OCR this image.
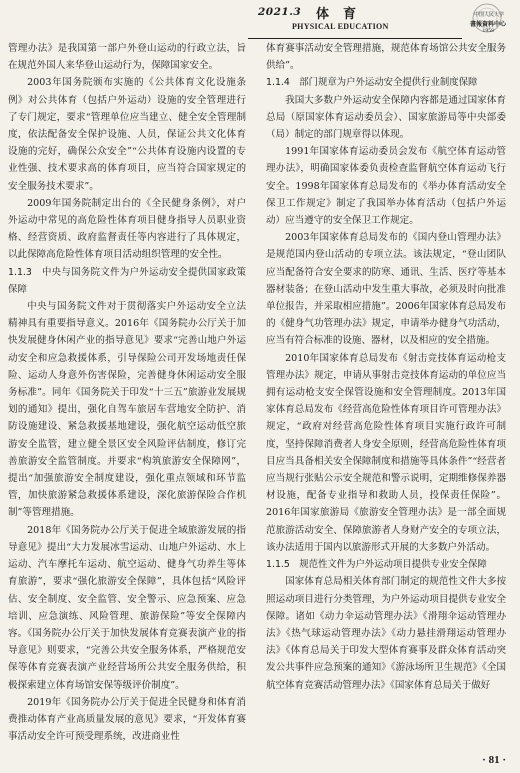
2021.3 体育
PHYSICAL EDUCATION
中国人民大学
書報資料中心
1958

管理办法》是我国第一部户外登山运动的行政立法，旨在规范外国人来华登山运动行为，保障国家安全。

2003年国务院颁布实施的《公共体育文化设施条例》对公共体育（包括户外运动）设施的安全管理进行了专门规定，要求“管理单位应当建立、健全安全管理制度，依法配备安全保护设施、人员，保证公共文化体育设施的完好，确保公众安全”“公共体育设施内设置的专业性强、技术要求高的体育项目，应当符合国家规定的安全服务技术要求”。

2009年国务院制定出台的《全民健身条例》，对户外运动中常见的高危险性体育项目健身指导人员职业资格、经营资质、政府监督责任等内容进行了具体规定，以此保障高危险性体育项目活动组织管理的安全性。

1.1.3　中央与国务院文件为户外运动安全提供国家政策保障

中央与国务院文件对于贯彻落实户外运动安全立法精神具有重要指导意义。2016年《国务院办公厅关于加快发展健身休闲产业的指导意见》要求“完善山地户外运动安全和应急救援体系，引导保险公司开发场地责任保险、运动人身意外伤害保险，完善健身休闲运动安全服务标准”。同年《国务院关于印发“十三五”旅游业发展规划的通知》提出，强化自驾车旅居车营地安全防护、消防设施建设、紧急救援基地建设，强化航空运动低空旅游安全监管，建立健全景区安全风险评估制度，修订完善旅游安全监管制度。并要求“构筑旅游安全保障网”，提出“加强旅游安全制度建设，强化重点领域和环节监管，加快旅游紧急救援体系建设，深化旅游保险合作机制”等管理措施。

2018年《国务院办公厅关于促进全域旅游发展的指导意见》提出“大力发展冰雪运动、山地户外运动、水上运动、汽车摩托车运动、航空运动、健身气功养生等体育旅游”，要求“强化旅游安全保障”，具体包括“风险评估、安全制度、安全监管、安全警示、应急预案、应急培训、应急演练、风险管理、旅游保险”等安全保障内容。《国务院办公厅关于加快发展体育竞赛表演产业的指导意见》则要求，“完善公共安全服务体系，严格规范安保等体育竞赛表演产业经营场所公共安全服务供给，积极探索建立体育场馆安保等级评价制度”。

2019年《国务院办公厅关于促进全民健身和体育消费推动体育产业高质量发展的意见》要求，“开发体育赛事活动安全许可预受理系统，改进商业性

体育赛事活动安全管理措施，规范体育场馆公共安全服务供给”。

1.1.4　部门规章为户外运动安全提供行业制度保障

我国大多数户外运动安全保障内容都是通过国家体育总局（原国家体育运动委员会）、国家旅游局等中央部委（局）制定的部门规章得以体现。

1991年国家体育运动委员会发布《航空体育运动管理办法》，明确国家体委负责检查监督航空体育运动飞行安全。1998年国家体育总局发布的《举办体育活动安全保卫工作规定》制定了我国举办体育活动（包括户外运动）应当遵守的安全保卫工作规定。

2003年国家体育总局发布的《国内登山管理办法》是规范国内登山活动的专项立法。该法规定，“登山团队应当配备符合安全要求的防寒、通讯、生活、医疗等基本器材装备；在登山活动中发生重大事故，必须及时向批准单位报告，并采取相应措施”。2006年国家体育总局发布的《健身气功管理办法》规定，申请举办健身气功活动，应当有符合标准的设施、器材，以及相应的安全措施。

2010年国家体育总局发布《射击竞技体育运动枪支管理办法》规定，申请从事射击竞技体育运动的单位应当拥有运动枪支安全保管设施和安全管理制度。2013年国家体育总局发布《经营高危险性体育项目许可管理办法》规定，“政府对经营高危险性体育项目实施行政许可制度，坚持保障消费者人身安全原则，经营高危险性体育项目应当具备相关安全保障制度和措施等具体条件”“经营者应当规行张贴公示安全规范和警示说明，定期维修保养器材设施，配备专业指导和救助人员，投保责任保险”。2016年国家旅游局《旅游安全管理办法》是一部全面规范旅游活动安全、保障旅游者人身财产安全的专项立法，该办法适用于国内以旅游形式开展的大多数户外活动。

1.1.5　规范性文件为户外运动项目提供专业安全保障

国家体育总局相关体育部门制定的规范性文件大多按照运动项目进行分类管理，为户外运动项目提供专业安全保障。诸如《动力伞运动管理办法》《滑翔伞运动管理办法》《热气球运动管理办法》《动力悬挂滑翔运动管理办法》《体育总局关于印发大型体育赛事及群众体育活动突发公共事件应急预案的通知》《游泳场所卫生规范》《全国航空体育竞赛活动管理办法》《国家体育总局关于做好

· 81 ·
